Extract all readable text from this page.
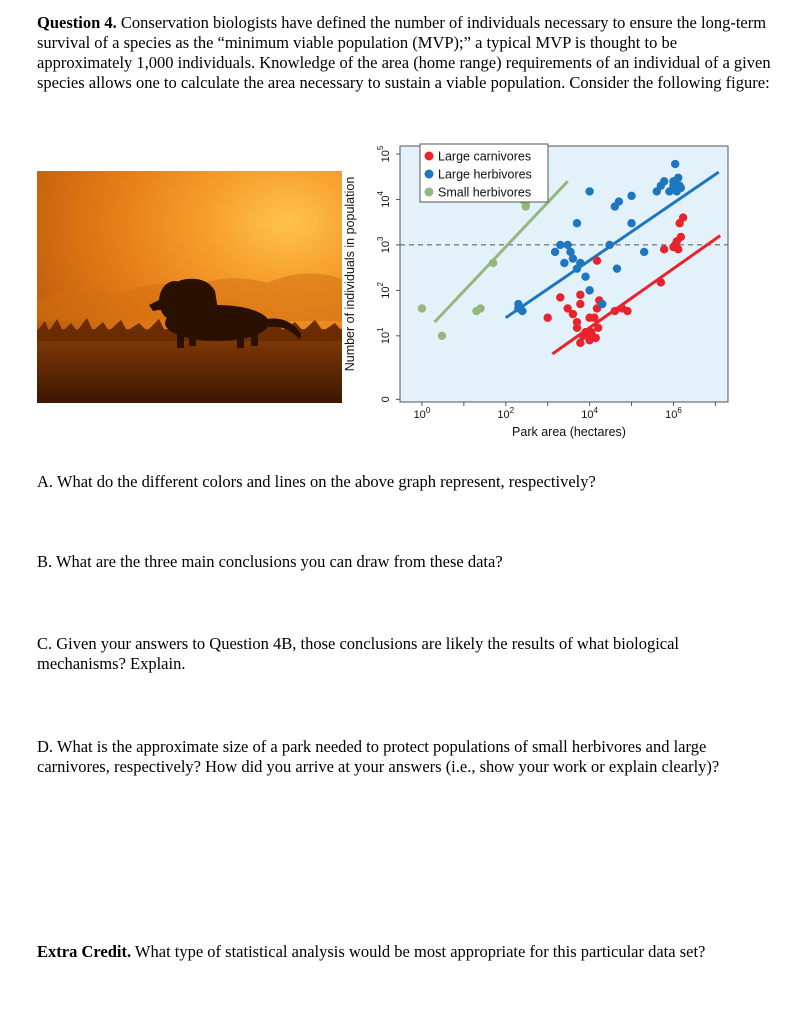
Question 4. Conservation biologists have defined the number of individuals necessary to ensure the long-term survival of a species as the “minimum viable population (MVP);” a typical MVP is thought to be approximately 1,000 individuals. Knowledge of the area (home range) requirements of an individual of a given species allows one to calculate the area necessary to sustain a viable population. Consider the following figure:
$10^5$
$10^4$
$10^3$
$10^2$
$10^1$
0
$10^0$	$10^2$	$10^4$	$10^6$
Park area (hectares)
Number of individuals in population
Large carnivores
Large herbivores
Small herbivores
A. What do the different colors and lines on the above graph represent, respectively?
B. What are the three main conclusions you can draw from these data?
C. Given your answers to Question 4B, those conclusions are likely the results of what biological mechanisms? Explain.
D. What is the approximate size of a park needed to protect populations of small herbivores and large carnivores, respectively? How did you arrive at your answers (i.e., show your work or explain clearly)?
Extra Credit. What type of statistical analysis would be most appropriate for this particular data set?
